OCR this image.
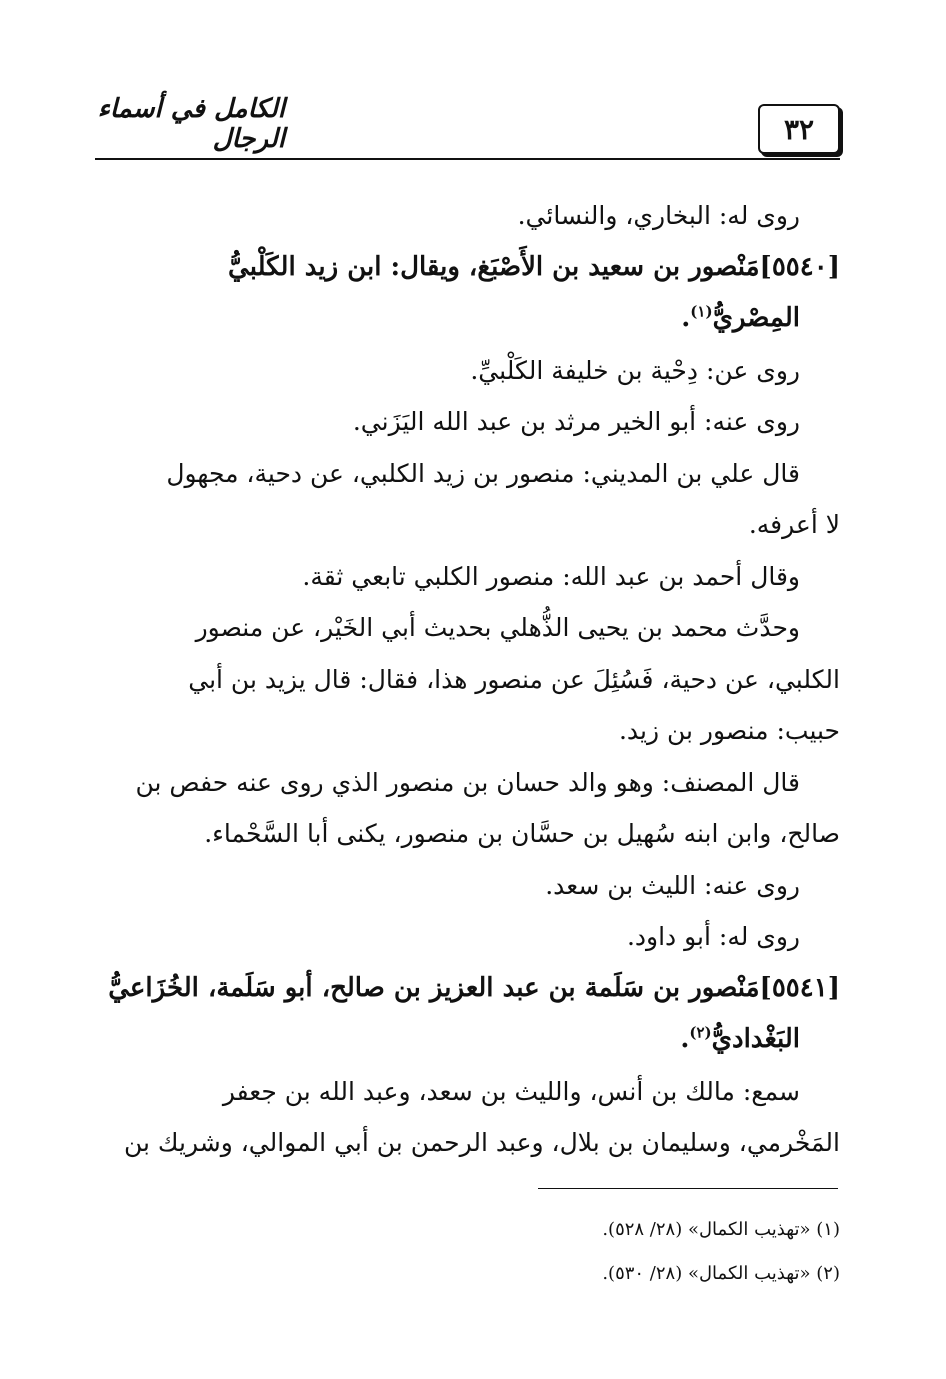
٣٢
الكامل في أسماء الرجال

روى له: البخاري، والنسائي.

[٥٥٤٠]مَنْصور بن سعيد بن الأَصْبَغ، ويقال: ابن زيد الكَلْبيُّ

المِصْريُّ$^{(١)}$.

روى عن: دِحْية بن خليفة الكَلْبيِّ.

روى عنه: أبو الخير مرثد بن عبد الله اليَزَني.

قال علي بن المديني: منصور بن زيد الكلبي، عن دحية، مجهول

لا أعرفه.

وقال أحمد بن عبد الله: منصور الكلبي تابعي ثقة.

وحدَّث محمد بن يحيى الذُّهلي بحديث أبي الخَيْر، عن منصور

الكلبي، عن دحية، فَسُئِلَ عن منصور هذا، فقال: قال يزيد بن أبي

حبيب: منصور بن زيد.

قال المصنف: وهو والد حسان بن منصور الذي روى عنه حفص بن

صالح، وابن ابنه سُهيل بن حسَّان بن منصور، يكنى أبا السَّحْماء.

روى عنه: الليث بن سعد.

روى له: أبو داود.

[٥٥٤١]مَنْصور بن سَلَمة بن عبد العزيز بن صالح، أبو سَلَمة، الخُزَاعيُّ

البَغْداديُّ$^{(٢)}$.

سمع: مالك بن أنس، والليث بن سعد، وعبد الله بن جعفر

المَخْرمي، وسليمان بن بلال، وعبد الرحمن بن أبي الموالي، وشريك بن

(١) «تهذيب الكمال» (٢٨/ ٥٢٨).

(٢) «تهذيب الكمال» (٢٨/ ٥٣٠).
